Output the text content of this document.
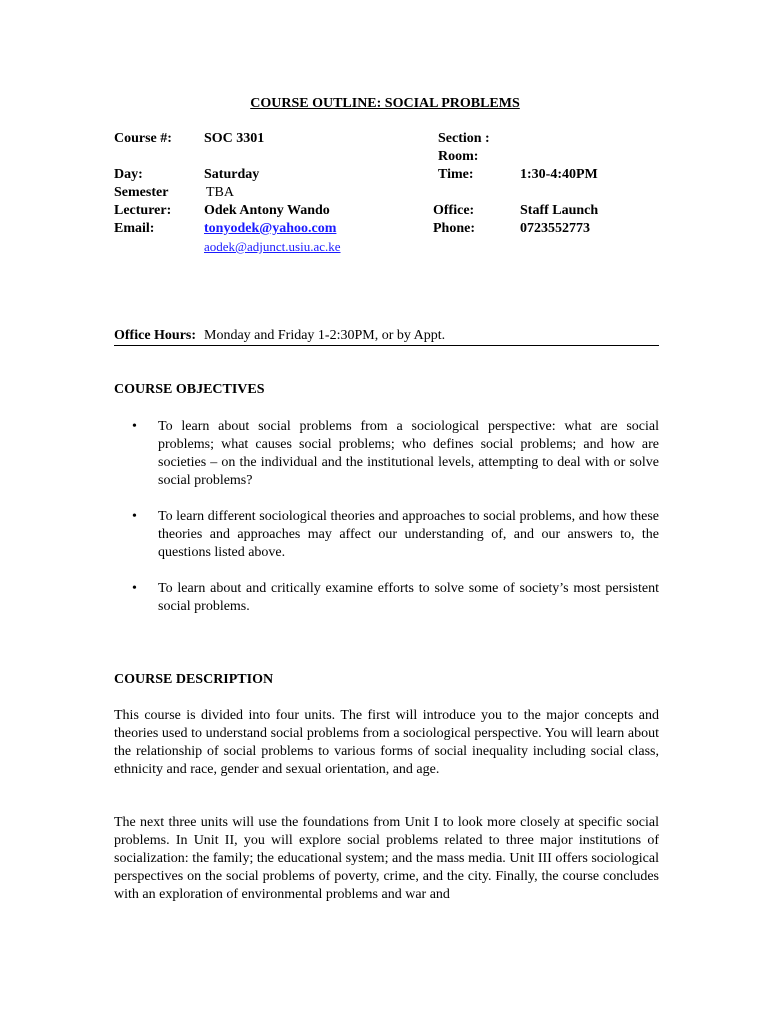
COURSE OUTLINE: SOCIAL PROBLEMS
Course #: SOC 3301	Section :
Room:
Day:	Saturday	Time:	1:30-4:40PM
Semester	TBA
Lecturer: Odek Antony Wando	Office:	Staff Launch
Email:	tonyodek@yahoo.com	Phone:	0723552773
aodek@adjunct.usiu.ac.ke
Office Hours: Monday and Friday 1-2:30PM, or by Appt.
COURSE OBJECTIVES
• To learn about social problems from a sociological perspective: what are social problems; what causes social problems; who defines social problems; and how are societies – on the individual and the institutional levels, attempting to deal with or solve social problems?
• To learn different sociological theories and approaches to social problems, and how these theories and approaches may affect our understanding of, and our answers to, the questions listed above.
• To learn about and critically examine efforts to solve some of society’s most persistent social problems.
COURSE DESCRIPTION

This course is divided into four units. The first will introduce you to the major concepts and theories used to understand social problems from a sociological perspective. You will learn about the relationship of social problems to various forms of social inequality including social class, ethnicity and race, gender and sexual orientation, and age.

The next three units will use the foundations from Unit I to look more closely at specific social problems. In Unit II, you will explore social problems related to three major institutions of socialization: the family; the educational system; and the mass media. Unit III offers sociological perspectives on the social problems of poverty, crime, and the city. Finally, the course concludes with an exploration of environmental problems and war and
